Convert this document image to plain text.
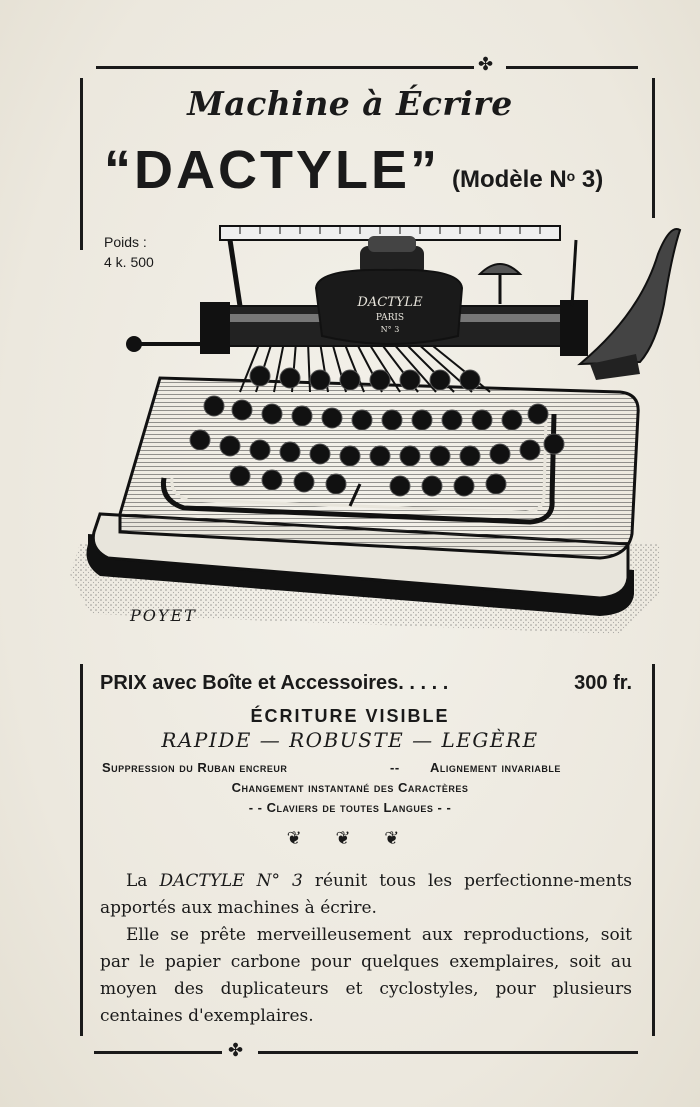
✤
Machine à Écrire
“DACTYLE” (Modèle $N^o$ 3)
Poids :
4 k. 500
DACTYLE
PARIS
N° 3
POYET
✤
PRIX avec Boîte et Accessoires. . . . .	300 fr.
ÉCRITURE VISIBLE
RAPIDE — ROBUSTE — LEGÈRE
Suppression du Ruban encreur	-- Alignement invariable
Changement instantané des Caractères
- - Claviers de toutes Langues - -
❦ ❦ ❦
La DACTYLE N° 3 réunit tous les perfectionne-ments apportés aux machines à écrire.
Elle se prête merveilleusement aux reproductions, soit par le papier carbone pour quelques exemplaires, soit au moyen des duplicateurs et cyclostyles, pour plusieurs centaines d'exemplaires.
